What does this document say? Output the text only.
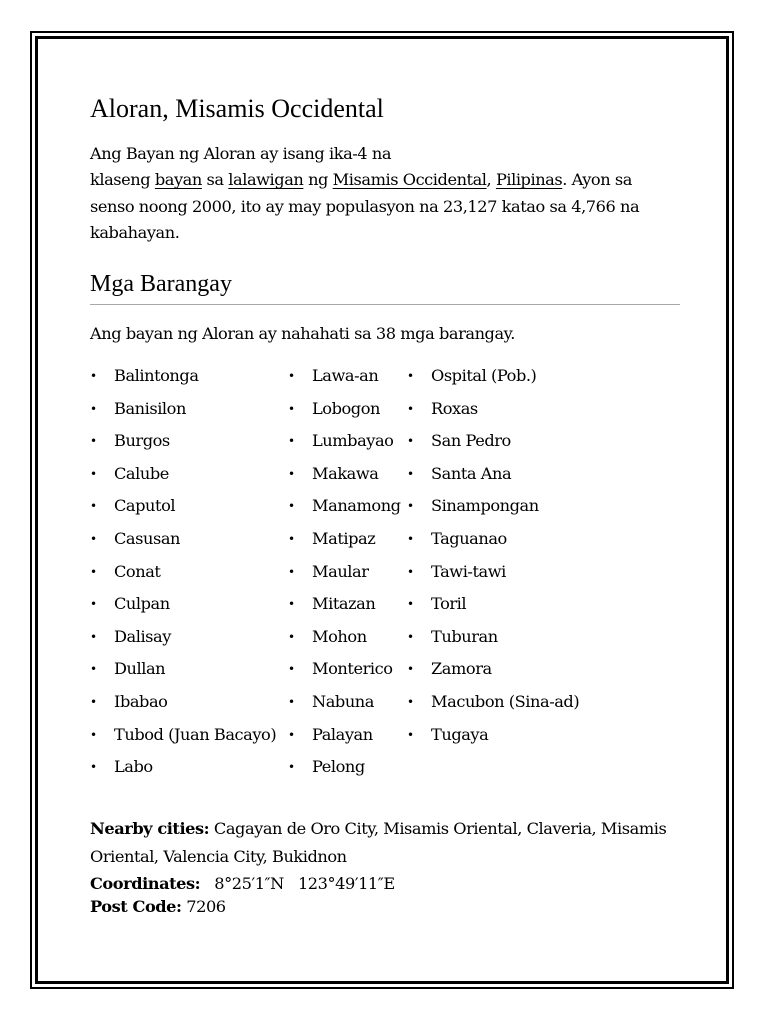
Aloran, Misamis Occidental

Ang Bayan ng Aloran ay isang ika-4 na
klaseng bayan sa lalawigan ng Misamis Occidental, Pilipinas. Ayon sa
senso noong 2000, ito ay may populasyon na 23,127 katao sa 4,766 na
kabahayan.

Mga Barangay

Ang bayan ng Aloran ay nahahati sa 38 mga barangay.

• Balintonga
• Banisilon
• Burgos
• Calube
• Caputol
• Casusan
• Conat
• Culpan
• Dalisay
• Dullan
• Ibabao
• Tubod (Juan Bacayo)
• Labo
• Lawa-an
• Lobogon
• Lumbayao
• Makawa
• Manamong
• Matipaz
• Maular
• Mitazan
• Mohon
• Monterico
• Nabuna
• Palayan
• Pelong
• Ospital (Pob.)
• Roxas
• San Pedro
• Santa Ana
• Sinampongan
• Taguanao
• Tawi-tawi
• Toril
• Tuburan
• Zamora
• Macubon (Sina-ad)
• Tugaya

Nearby cities: Cagayan de Oro City, Misamis Oriental, Claveria, Misamis
Oriental, Valencia City, Bukidnon

Coordinates:   8°25′1″N   123°49′11″E

Post Code: 7206
